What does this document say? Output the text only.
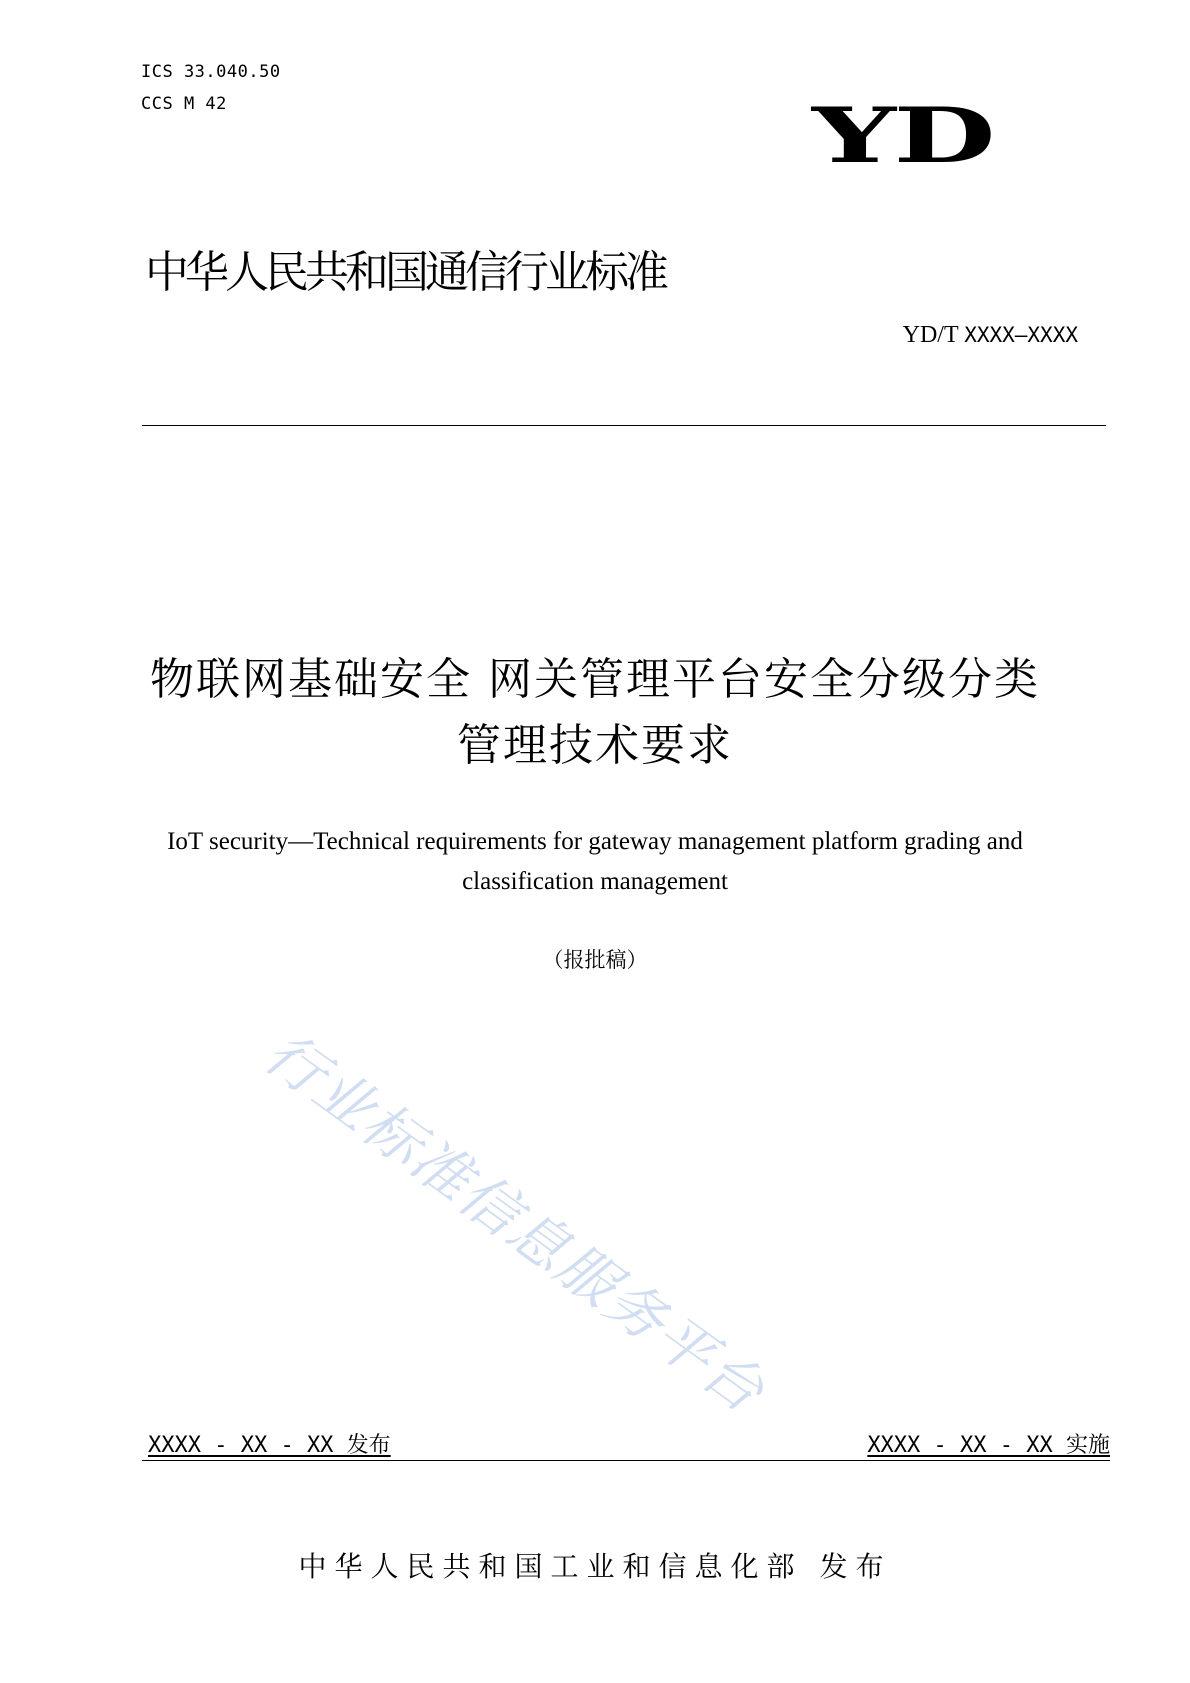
ICS 33.040.50
CCS M 42	YD
中华人民共和国通信行业标准
YD/T XXXX—XXXX
物联网基础安全 网关管理平台安全分级分类
管理技术要求
IoT security—Technical requirements for gateway management platform grading and
classification management
（报批稿）
行业标准信息服务平台
XXXX - XX - XX 发布	XXXX - XX - XX 实施
中华人民共和国工业和信息化部 发布
